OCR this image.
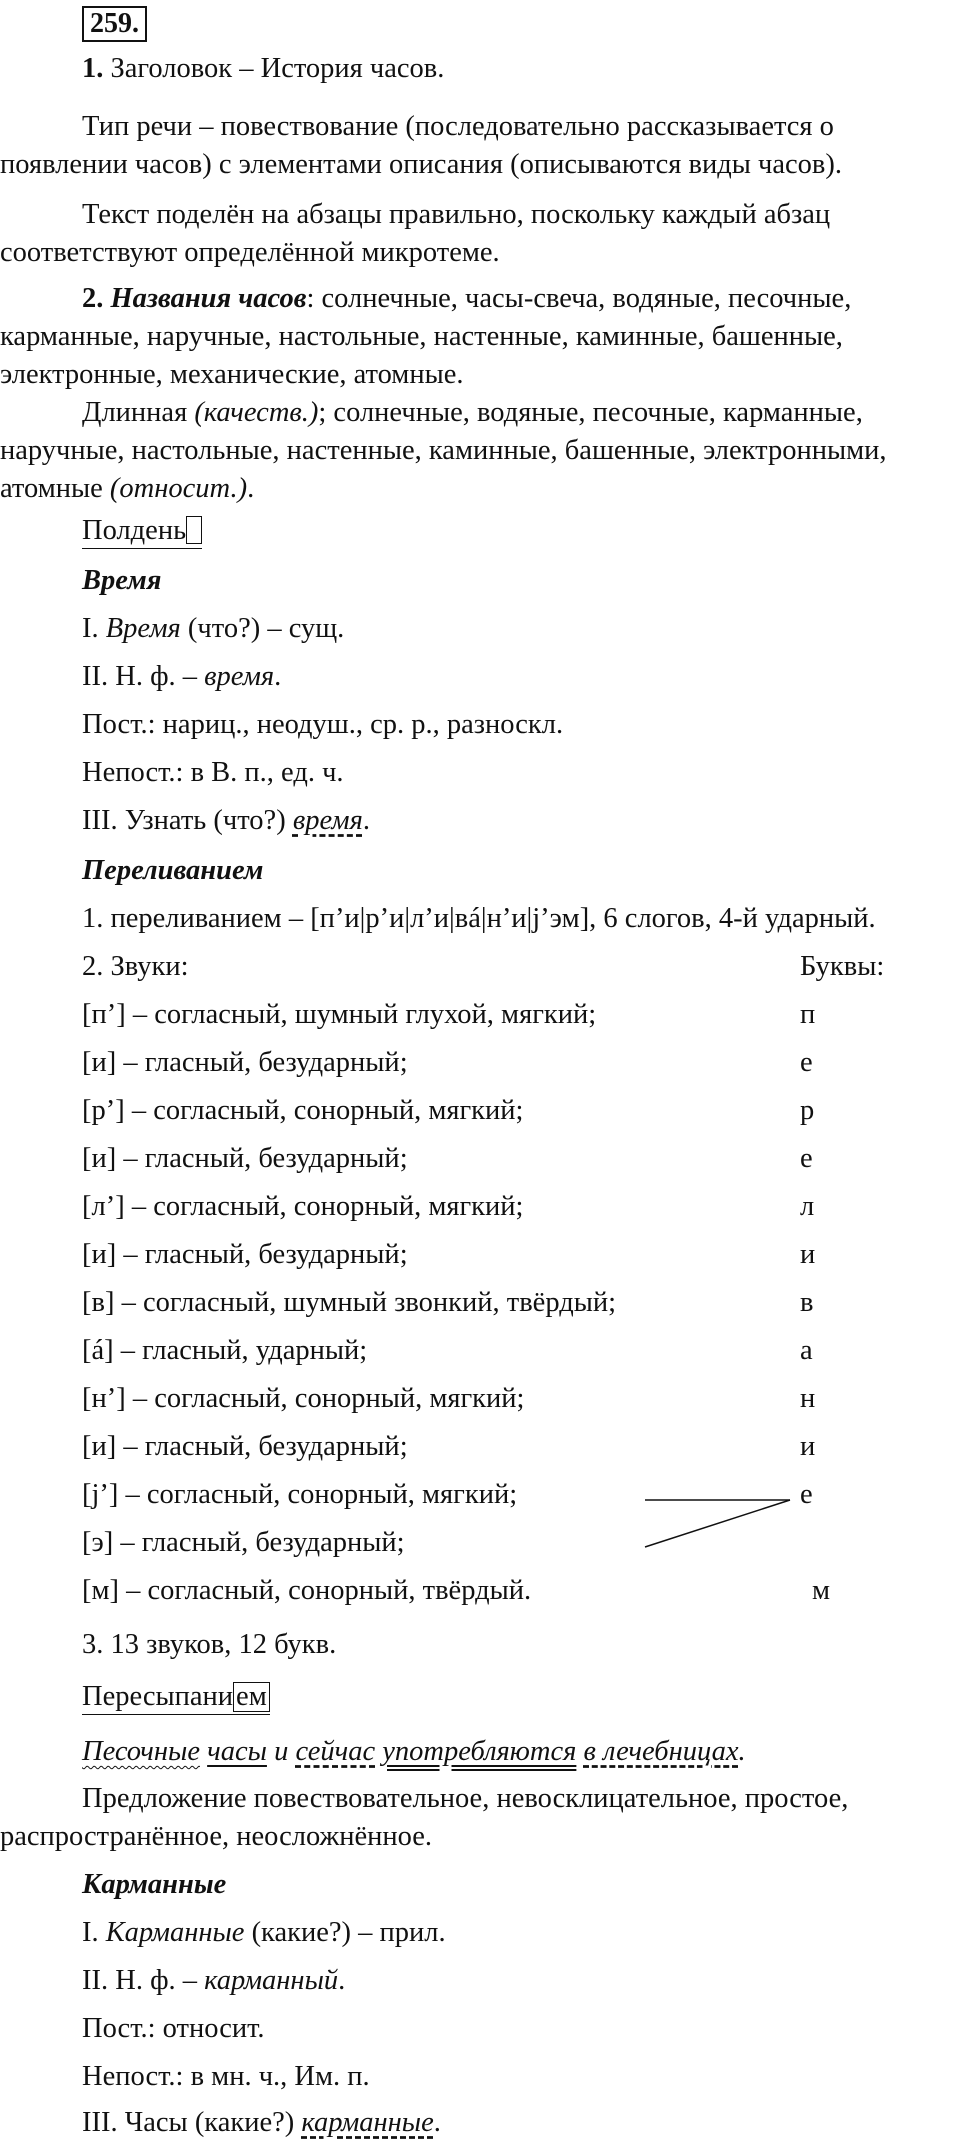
259.

1. Заголовок – История часов.

Тип речи – повествование (последовательно рассказывается о появлении часов) с элементами описания (описываются виды часов).

Текст поделён на абзацы правильно, поскольку каждый абзац соответствуют определённой микротеме.

2. Названия часов: солнечные, часы-свеча, водяные, песочные, карманные, наручные, настольные, настенные, каминные, башенные, электронные, механические, атомные.

Длинная (качеств.); солнечные, водяные, песочные, карманные,

наручные, настольные, настенные, каминные, башенные, электронными,

атомные (относит.).

Полдень

Время

I. Время (что?) – сущ.

II. Н. ф. – время.

Пост.: нариц., неодуш., ср. р., разноскл.

Непост.: в В. п., ед. ч.

III. Узнать (что?) время.

Переливанием

1. переливанием – [п’и|р’и|л’и|вá|н’и|j’эм], 6 слогов, 4-й ударный.

2. Звуки:	Буквы:

[п’] – согласный, шумный глухой, мягкий;	п

[и] – гласный, безударный;	е

[р’] – согласный, сонорный, мягкий;	р

[и] – гласный, безударный;	е

[л’] – согласный, сонорный, мягкий;	л

[и] – гласный, безударный;	и

[в] – согласный, шумный звонкий, твёрдый;	в

[á] – гласный, ударный;	а

[н’] – согласный, сонорный, мягкий;	н

[и] – гласный, безударный;	и

[j’] – согласный, сонорный, мягкий;	е

[э] – гласный, безударный;

[м] – согласный, сонорный, твёрдый.	м

3. 13 звуков, 12 букв.

Пересыпани ем

Песочные часы и сейчас употребляются в лечебницах.

Предложение повествовательное, невосклицательное, простое, распространённое, неосложнённое.

Карманные

I. Карманные (какие?) – прил.

II. Н. ф. – карманный.

Пост.: относит.

Непост.: в мн. ч., Им. п.

III. Часы (какие?) карманные.
